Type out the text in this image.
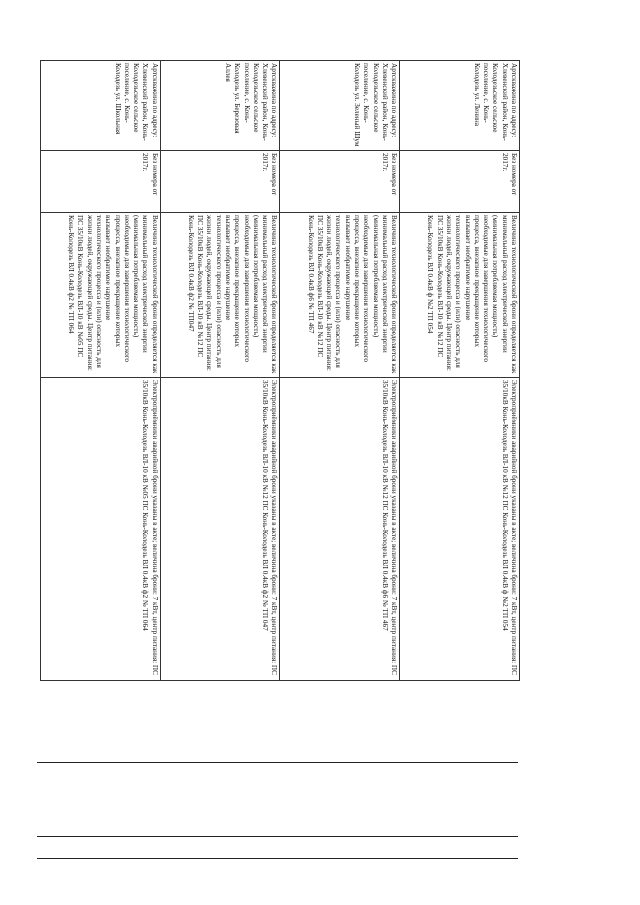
Артскважина по адресу: Хлевенский район, Конь-Колодезьское сельское поселение, с. Конь-Колодезь ул. Ленина	Без номера от 2017г.	Величина технологической брони определяется как минимальный расход электрической энергии (минимальная потребляемая мощность) необходимые для завершения технологического процесса, внезапное прекращение которых вызывает необратимое нарушение технологического процесса и (или) опасность для жизни людей, окружающей среды. Центр питания: ПС 35/10кВ Конь-Колодезь ВЛ-10 кВ №12 ПС Конь-Колодезь ВЛ 0.4кВ ф №2 ТП 054	Электроприёмники аварийной брони указаны в акте; величина брони: 7 кВт, центр питания: ПС 35/10кВ Конь-Колодезь ВЛ-10 кВ №12 ПС Конь-Колодезь ВЛ 0.4кВ ф №2 ТП 054
Артскважина по адресу: Хлевенский район, Конь-Колодезьское сельское поселение, с. Конь-Колодезь ул. Зеленый Шум	Без номера от 2017г.	Величина технологической брони определяется как минимальный расход электрической энергии (минимальная потребляемая мощность) необходимые для завершения технологического процесса, внезапное прекращение которых вызывает необратимое нарушение технологического процесса и (или) опасность для жизни людей, окружающей среды. Центр питания: ПС 35/10кВ Конь-Колодезь ВЛ-10 кВ №12 ПС Конь-Колодезь ВЛ 0.4кВ ф6 № ТП 467	Электроприёмники аварийной брони указаны в акте; величина брони: 7 кВт, центр питания: ПС 35/10кВ Конь-Колодезь ВЛ-10 кВ №12 ПС Конь-Колодезь ВЛ 0.4кВ ф6 № ТП 467
Артскважина по адресу: Хлевенский район, Конь-Колодезьское сельское поселение, с. Конь-Колодезь ул. Березовая Аллея	Без номера от 2017г.	Величина технологической брони определяется как минимальный расход электрической энергии (минимальная потребляемая мощность) необходимые для завершения технологического процесса, внезапное прекращение которых вызывает необратимое нарушение технологического процесса и (или) опасность для жизни людей, окружающей среды. Центр питания: ПС 35/10кВ Конь-Колодезь ВЛ-10 кВ №12 ПС Конь-Колодезь ВЛ 0.4кВ ф2 № ТП047	Электроприёмники аварийной брони указаны в акте; величина брони: 7 кВт, центр питания: ПС 35/10кВ Конь-Колодезь ВЛ-10 кВ №12 ПС Конь-Колодезь ВЛ 0.4кВ ф2 № ТП 047
Артскважина по адресу: Хлевенский район, Конь-Колодезьское сельское поселение, с. Конь-Колодезь ул. Школьная	Без номера от 2017г.	Величина технологической брони определяется как минимальный расход электрической энергии (минимальная потребляемая мощность) необходимые для завершения технологического процесса, внезапное прекращение которых вызывает необратимое нарушение технологического процесса и (или) опасность для жизни людей, окружающей среды. Центр питания: ПС 35/10кВ Конь-Колодезь ВЛ-10 кВ №05 ПС Конь-Колодезь ВЛ 0.4кВ ф2 № ТП 064	Электроприёмники аварийной брони указаны в акте; величина брони: 7 кВт, центр питания: ПС 35/10кВ Конь-Колодезь ВЛ-10 кВ №05 ПС Конь-Колодезь ВЛ 0.4кВ ф2 № ТП 064
